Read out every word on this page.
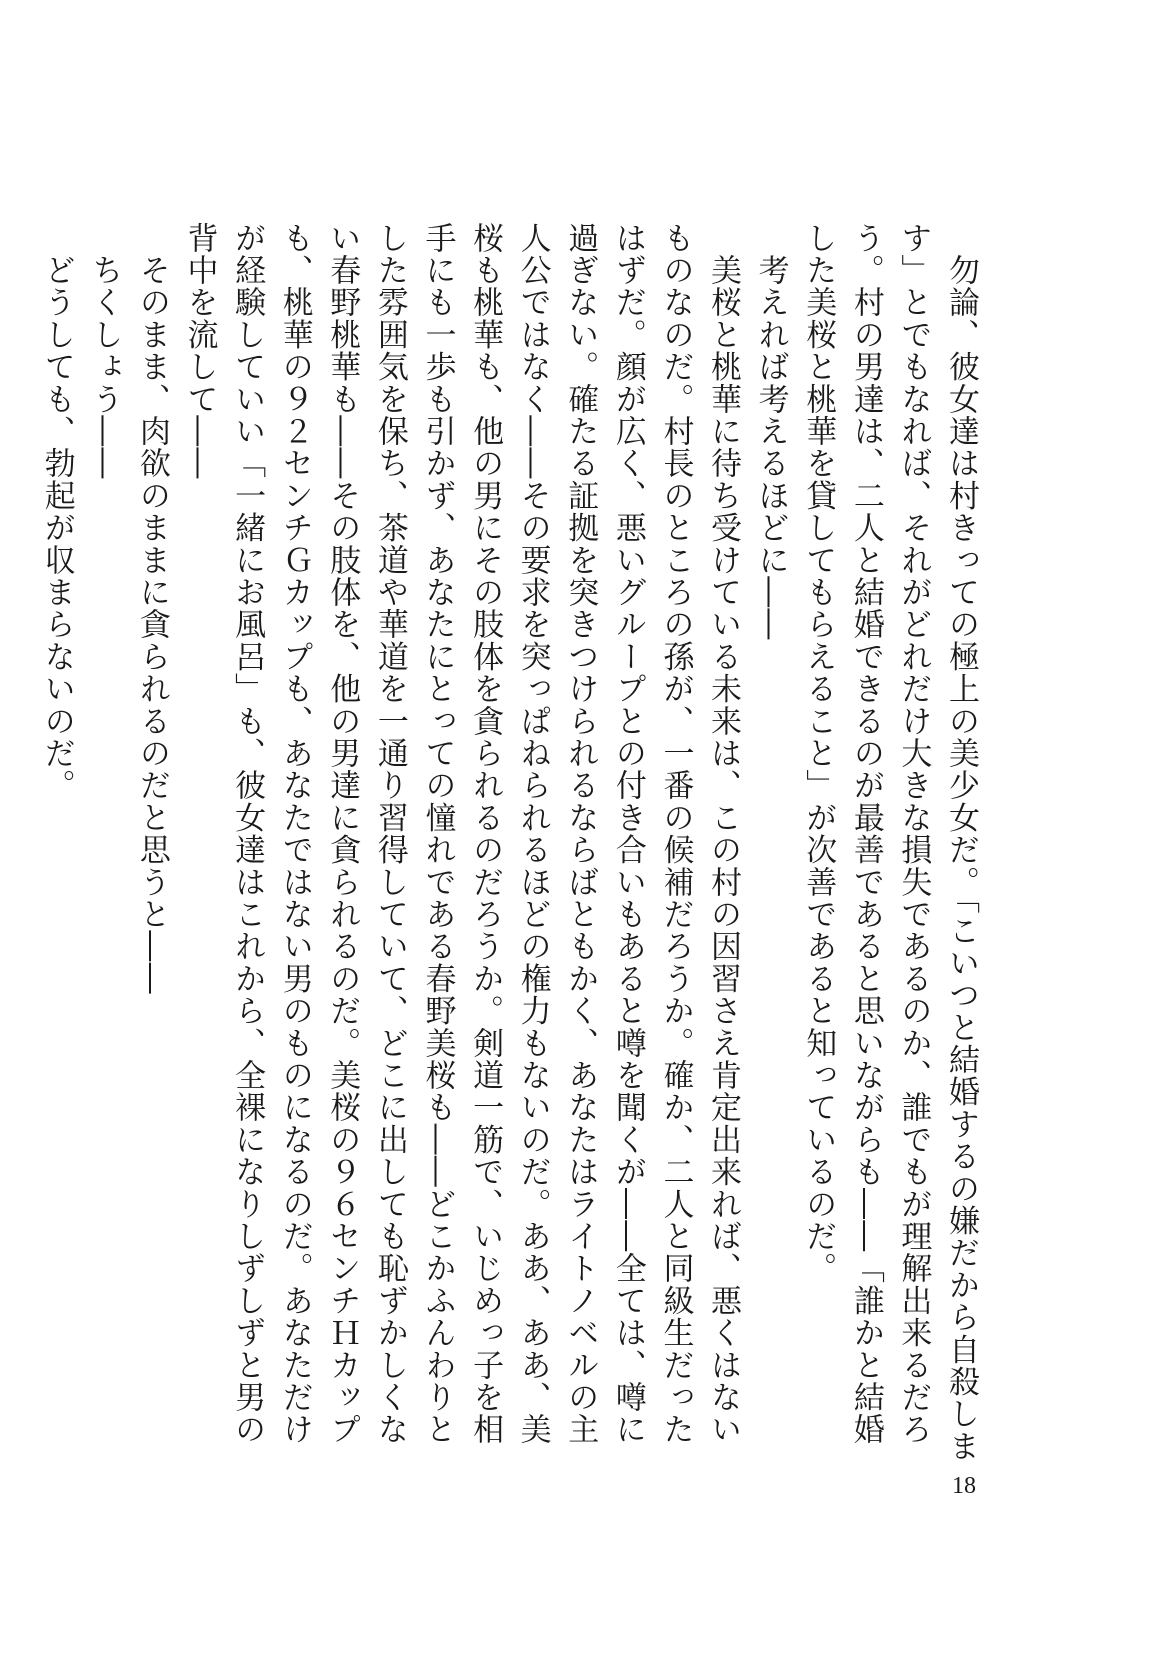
　勿論、彼女達は村きっての極上の美少女だ。「こいつと結婚するの嫌だから自殺します」とでもなれば、それがどれだけ大きな損失であるのか、誰でもが理解出来るだろう。村の男達は、二人と結婚できるのが最善であると思いながらも――「誰かと結婚した美桜と桃華を貸してもらえること」が次善であると知っているのだ。

　考えれば考えるほどに――

　美桜と桃華に待ち受けている未来は、この村の因習さえ肯定出来れば、悪くはないものなのだ。村長のところの孫が、一番の候補だろうか。確か、二人と同級生だったはずだ。顔が広く、悪いグループとの付き合いもあると噂を聞くが――全ては、噂に過ぎない。確たる証拠を突きつけられるならばともかく、あなたはライトノベルの主人公ではなく――その要求を突っぱねられるほどの権力もないのだ。ああ、ああ、美桜も桃華も、他の男にその肢体を貪られるのだろうか。剣道一筋で、いじめっ子を相手にも一歩も引かず、あなたにとっての憧れである春野美桜も――どこかふんわりとした雰囲気を保ち、茶道や華道を一通り習得していて、どこに出しても恥ずかしくない春野桃華も――その肢体を、他の男達に貪られるのだ。美桜の９６センチＨカップも、桃華の９２センチＧカップも、あなたではない男のものになるのだ。あなただけが経験していい「一緒にお風呂」も、彼女達はこれから、全裸になりしずしずと男の背中を流して――

　そのまま、肉欲のままに貪られるのだと思うと――

　ちくしょう――

　どうしても、勃起が収まらないのだ。

18
